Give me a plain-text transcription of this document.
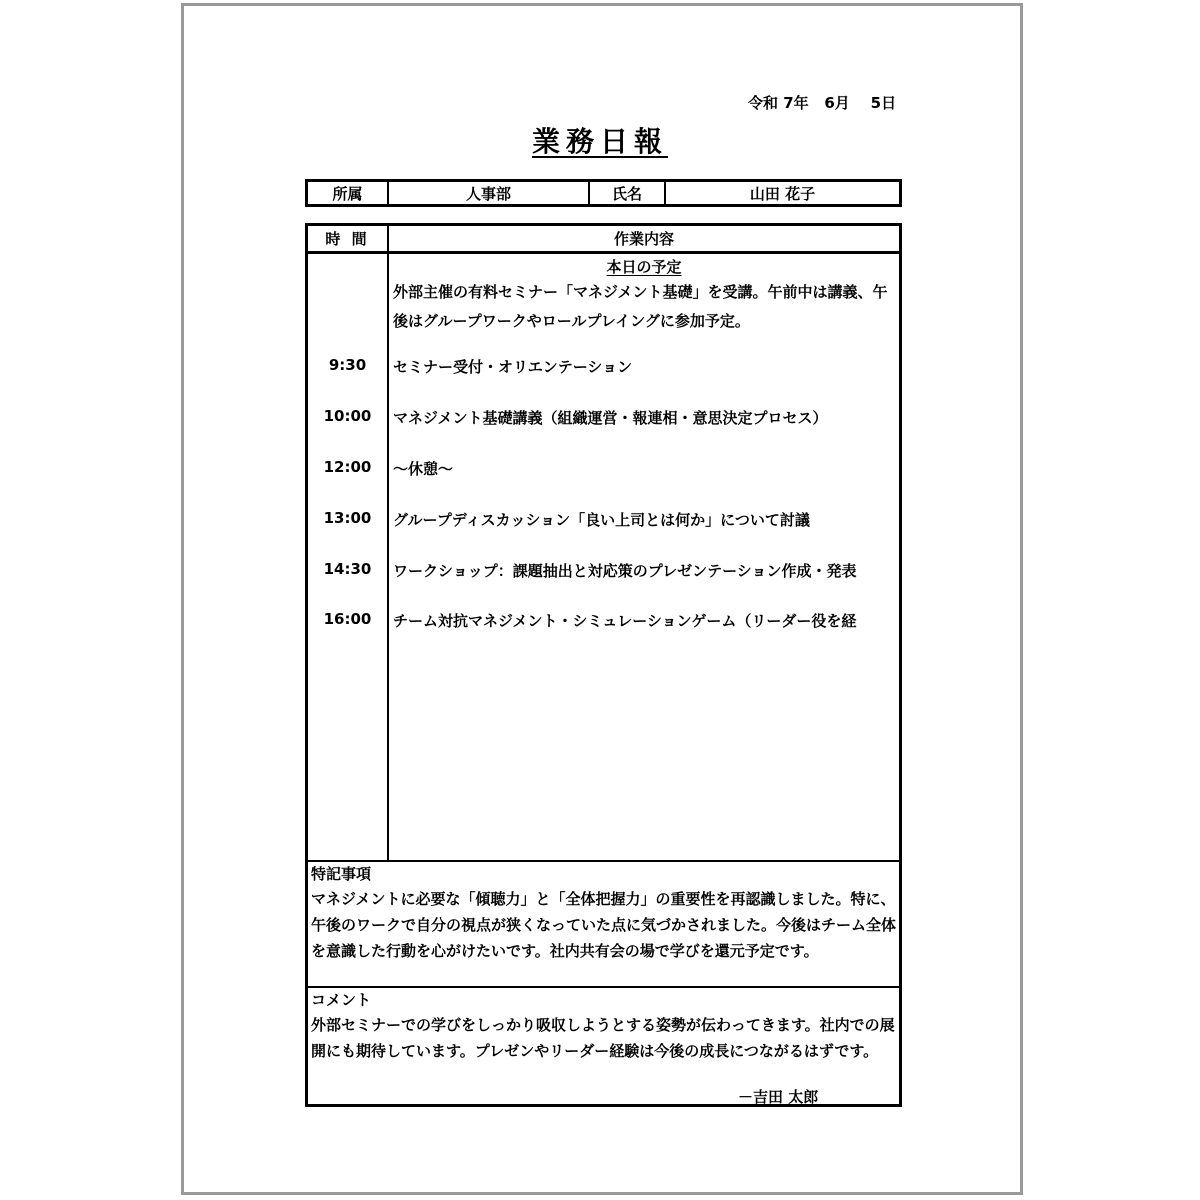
令和 7年   6月    5日
業務日報
所属	人事部	氏名	山田 花子
時 間	作業内容
本日の予定
外部主催の有料セミナー「マネジメント基礎」を受講。午前中は講義、午後はグループワークやロールプレイングに参加予定。
9:30	セミナー受付・オリエンテーション
10:00	マネジメント基礎講義（組織運営・報連相・意思決定プロセス）
12:00	～休憩～
13:00	グループディスカッション「良い上司とは何か」について討議
14:30	ワークショップ：課題抽出と対応策のプレゼンテーション作成・発表
16:00	チーム対抗マネジメント・シミュレーションゲーム（リーダー役を経
特記事項
マネジメントに必要な「傾聴力」と「全体把握力」の重要性を再認識しました。特に、午後のワークで自分の視点が狭くなっていた点に気づかされました。今後はチーム全体を意識した行動を心がけたいです。社内共有会の場で学びを還元予定です。
コメント
外部セミナーでの学びをしっかり吸収しようとする姿勢が伝わってきます。社内での展開にも期待しています。プレゼンやリーダー経験は今後の成長につながるはずです。
－吉田 太郎
